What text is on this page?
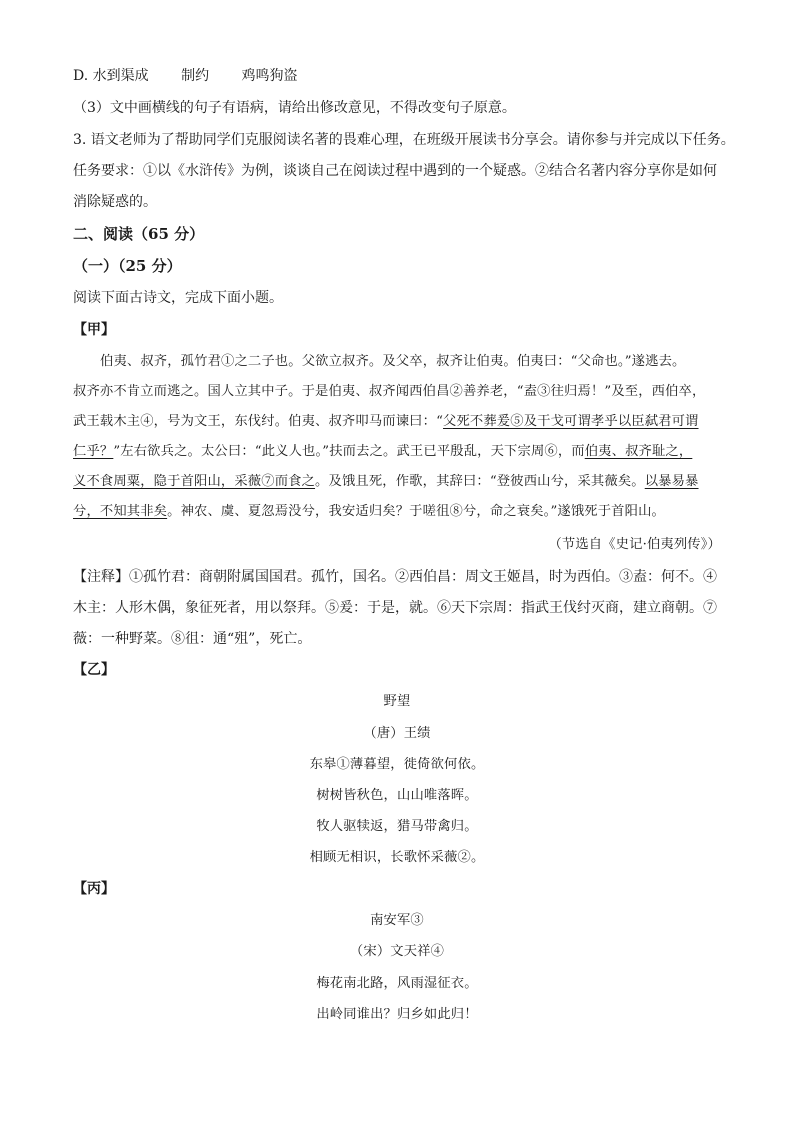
D. 水到渠成 制约 鸡鸣狗盗
（3）文中画横线的句子有语病，请给出修改意见，不得改变句子原意。
3. 语文老师为了帮助同学们克服阅读名著的畏难心理，在班级开展读书分享会。请你参与并完成以下任务。
任务要求：①以《水浒传》为例，谈谈自己在阅读过程中遇到的一个疑惑。②结合名著内容分享你是如何
消除疑惑的。
二、阅读（65 分）
（一）（25 分）
阅读下面古诗文，完成下面小题。
【甲】
伯夷、叔齐，孤竹君①之二子也。父欲立叔齐。及父卒，叔齐让伯夷。伯夷曰：“父命也。”遂逃去。
叔齐亦不肯立而逃之。国人立其中子。于是伯夷、叔齐闻西伯昌②善养老，“盍③往归焉！”及至，西伯卒，
武王载木主④，号为文王，东伐纣。伯夷、叔齐叩马而谏曰：“父死不葬爰⑤及干戈可谓孝乎以臣弑君可谓
仁乎？”左右欲兵之。太公曰：“此义人也。”扶而去之。武王已平殷乱，天下宗周⑥，而伯夷、叔齐耻之，
义不食周粟，隐于首阳山，采薇⑦而食之。及饿且死，作歌，其辞曰：“登彼西山兮，采其薇矣。以暴易暴
兮，不知其非矣。神农、虞、夏忽焉没兮，我安适归矣？于嗟徂⑧兮，命之衰矣。”遂饿死于首阳山。
（节选自《史记·伯夷列传》）
【注释】①孤竹君：商朝附属国国君。孤竹，国名。②西伯昌：周文王姬昌，时为西伯。③盍：何不。④
木主：人形木偶，象征死者，用以祭拜。⑤爰：于是，就。⑥天下宗周：指武王伐纣灭商，建立商朝。⑦
薇：一种野菜。⑧徂：通“殂”，死亡。
【乙】
野望
（唐）王绩
东皋①薄暮望，徙倚欲何依。
树树皆秋色，山山唯落晖。
牧人驱犊返，猎马带禽归。
相顾无相识，长歌怀采薇②。
【丙】
南安军③
（宋）文天祥④
梅花南北路，风雨湿征衣。
出岭同谁出？归乡如此归！
